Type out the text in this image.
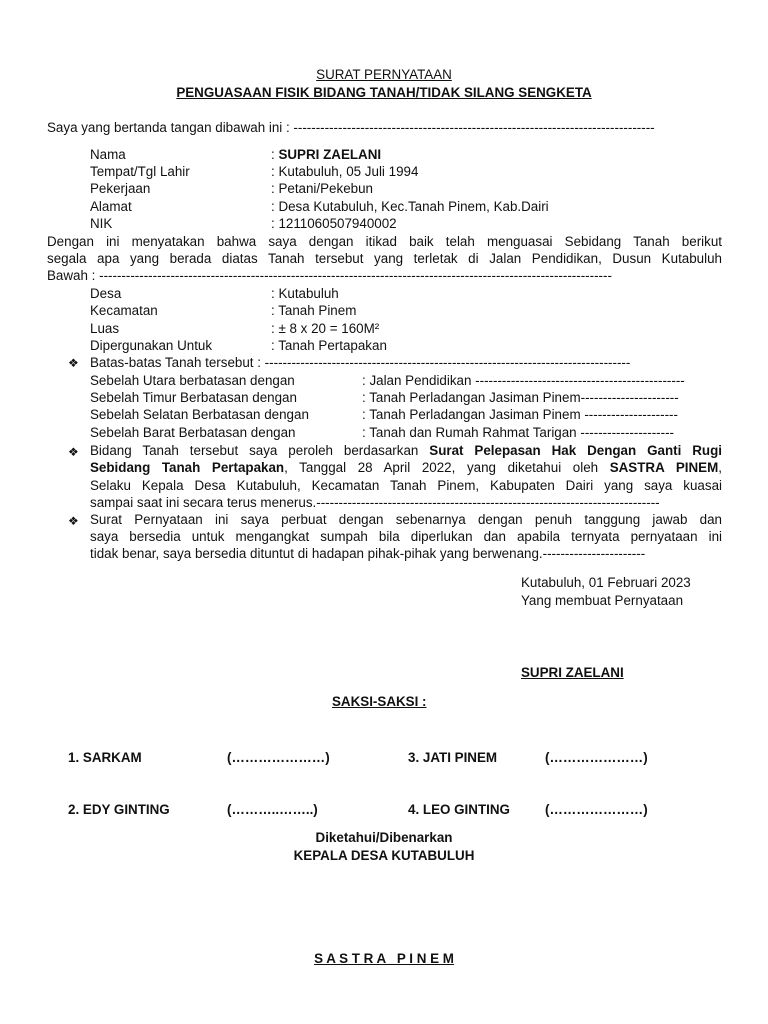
SURAT PERNYATAAN
PENGUASAAN FISIK BIDANG TANAH/TIDAK SILANG SENGKETA
Saya yang bertanda tangan dibawah ini : ---------------------------------------------------------------------------------
Nama	: SUPRI ZAELANI
Tempat/Tgl Lahir	: Kutabuluh, 05 Juli 1994
Pekerjaan	: Petani/Pekebun
Alamat	: Desa Kutabuluh, Kec.Tanah Pinem, Kab.Dairi
NIK	: 1211060507940002
Dengan ini menyatakan bahwa saya dengan itikad baik telah menguasai Sebidang Tanah berikut
segala apa yang berada diatas Tanah tersebut yang terletak di Jalan Pendidikan, Dusun Kutabuluh
Bawah : -------------------------------------------------------------------------------------------------------------------
Desa	: Kutabuluh
Kecamatan	: Tanah Pinem
Luas	: ± 8 x 20 = 160M²
Dipergunakan Untuk	: Tanah Pertapakan
❖ Batas-batas Tanah tersebut : ----------------------------------------------------------------------------------
Sebelah Utara berbatasan dengan	: Jalan Pendidikan -----------------------------------------------
Sebelah Timur Berbatasan dengan	: Tanah Perladangan Jasiman Pinem----------------------
Sebelah Selatan Berbatasan dengan	: Tanah Perladangan Jasiman Pinem ---------------------
Sebelah Barat Berbatasan dengan	: Tanah dan Rumah Rahmat Tarigan ---------------------
❖ Bidang Tanah tersebut saya peroleh berdasarkan Surat Pelepasan Hak Dengan Ganti Rugi
Sebidang Tanah Pertapakan, Tanggal 28 April 2022, yang diketahui oleh SASTRA PINEM,
Selaku Kepala Desa Kutabuluh, Kecamatan Tanah Pinem, Kabupaten Dairi yang saya kuasai
sampai saat ini secara terus menerus.-----------------------------------------------------------------------------
❖ Surat Pernyataan ini saya perbuat dengan sebenarnya dengan penuh tanggung jawab dan
saya bersedia untuk mengangkat sumpah bila diperlukan dan apabila ternyata pernyataan ini
tidak benar, saya bersedia dituntut di hadapan pihak-pihak yang berwenang.-----------------------
Kutabuluh, 01 Februari 2023
Yang membuat Pernyataan
SUPRI ZAELANI
SAKSI-SAKSI :
1. SARKAM	(…………………)	3. JATI PINEM	(…………………)
2. EDY GINTING	(………..……..)	4. LEO GINTING	(…………………)
Diketahui/Dibenarkan
KEPALA DESA KUTABULUH
S A S T R A   P I N E M
